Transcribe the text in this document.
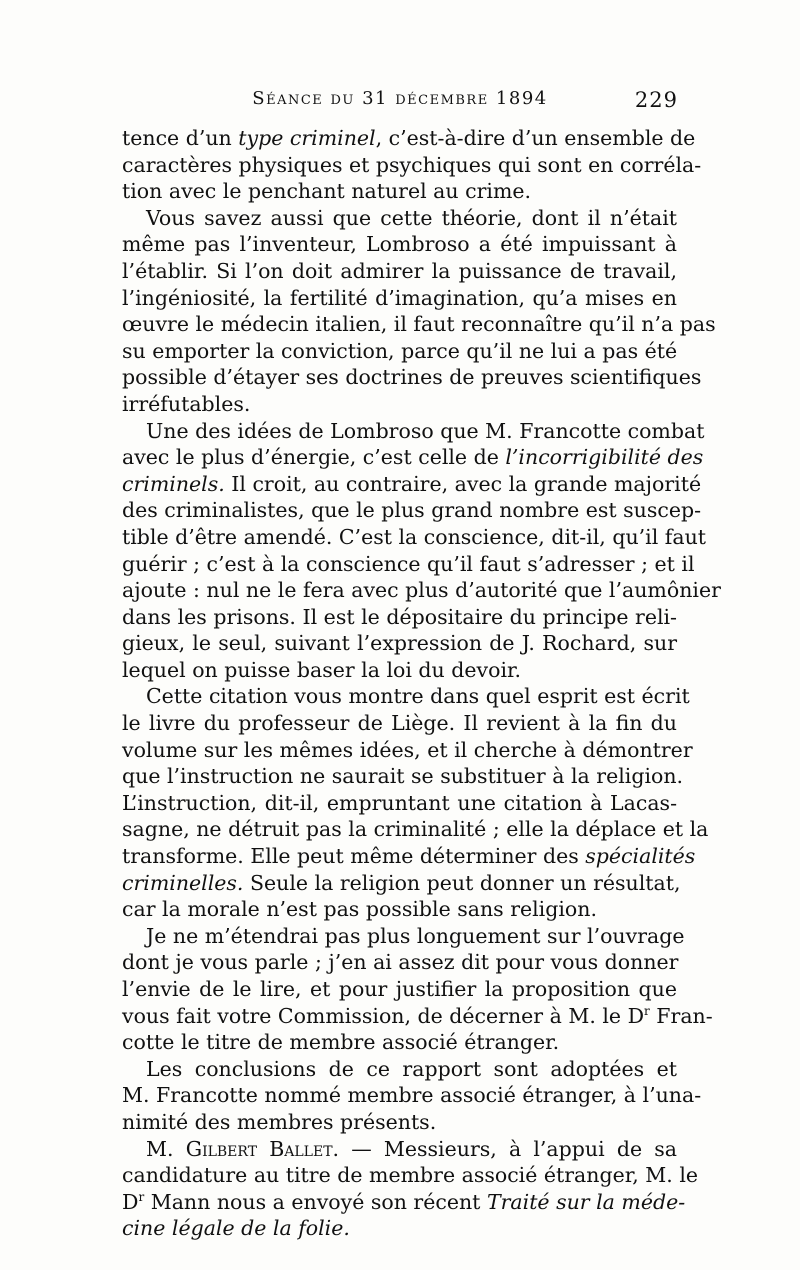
Séance du 31 décembre 1894	229
tence d’un type criminel, c’est-à-dire d’un ensemble de
caractères physiques et psychiques qui sont en corréla-
tion avec le penchant naturel au crime.
Vous savez aussi que cette théorie, dont il n’était
même pas l’inventeur, Lombroso a été impuissant à
l’établir. Si l’on doit admirer la puissance de travail,
l’ingéniosité, la fertilité d’imagination, qu’a mises en
œuvre le médecin italien, il faut reconnaître qu’il n’a pas
su emporter la conviction, parce qu’il ne lui a pas été
possible d’étayer ses doctrines de preuves scientifiques
irréfutables.
Une des idées de Lombroso que M. Francotte combat
avec le plus d’énergie, c’est celle de l’incorrigibilité des
criminels. Il croit, au contraire, avec la grande majorité
des criminalistes, que le plus grand nombre est suscep-
tible d’être amendé. C’est la conscience, dit-il, qu’il faut
guérir ; c’est à la conscience qu’il faut s’adresser ; et il
ajoute : nul ne le fera avec plus d’autorité que l’aumônier
dans les prisons. Il est le dépositaire du principe reli-
gieux, le seul, suivant l’expression de J. Rochard, sur
lequel on puisse baser la loi du devoir.
Cette citation vous montre dans quel esprit est écrit
le livre du professeur de Liège. Il revient à la fin du
volume sur les mêmes idées, et il cherche à démontrer
que l’instruction ne saurait se substituer à la religion.
L’instruction, dit-il, empruntant une citation à Lacas-
sagne, ne détruit pas la criminalité ; elle la déplace et la
transforme. Elle peut même déterminer des spécialités
criminelles. Seule la religion peut donner un résultat,
car la morale n’est pas possible sans religion.
Je ne m’étendrai pas plus longuement sur l’ouvrage
dont je vous parle ; j’en ai assez dit pour vous donner
l’envie de le lire, et pour justifier la proposition que
vous fait votre Commission, de décerner à M. le $D^r$ Fran-
cotte le titre de membre associé étranger.
Les conclusions de ce rapport sont adoptées et
M. Francotte nommé membre associé étranger, à l’una-
nimité des membres présents.
M. Gilbert Ballet. — Messieurs, à l’appui de sa
candidature au titre de membre associé étranger, M. le
$D^r$ Mann nous a envoyé son récent Traité sur la méde-
cine légale de la folie.
